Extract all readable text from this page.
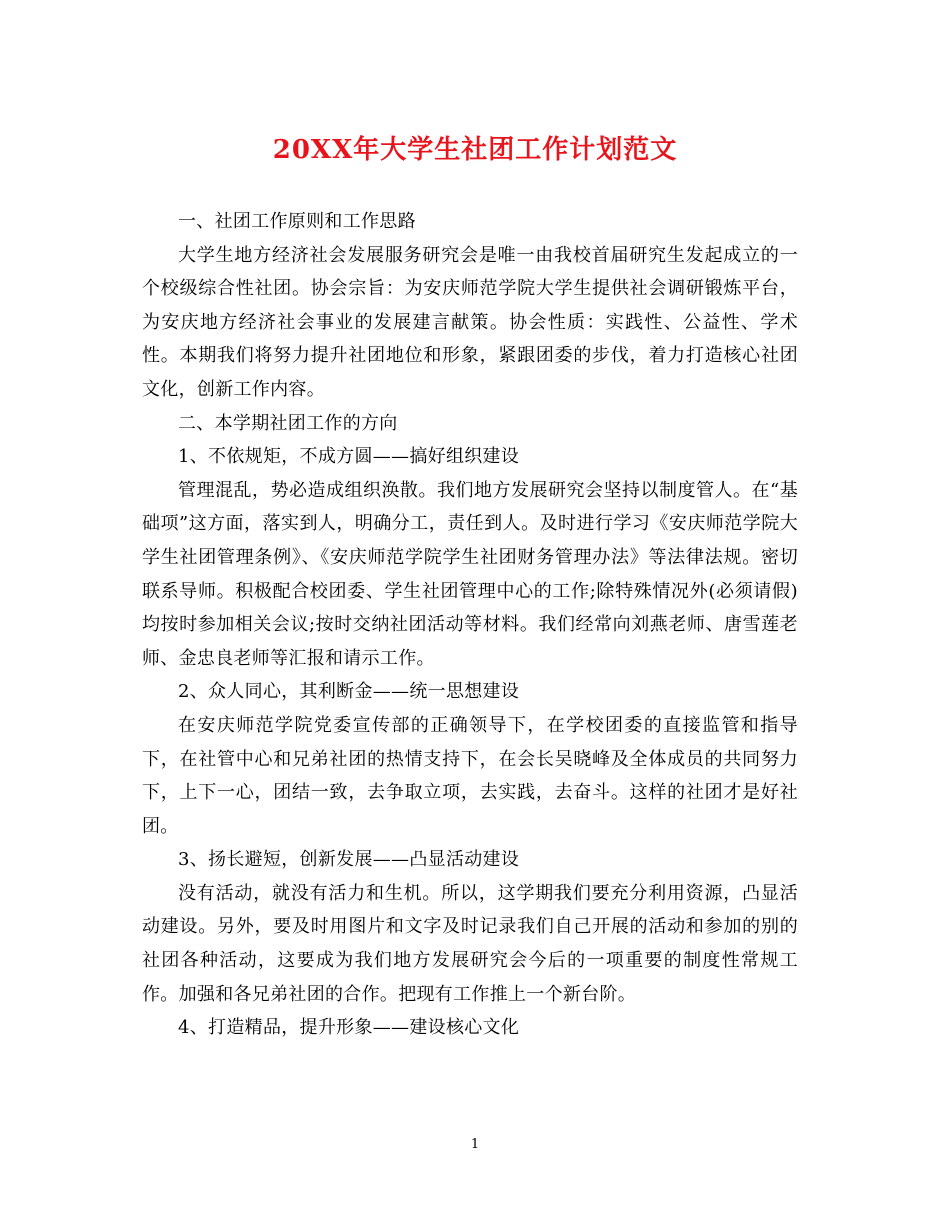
20XX年大学生社团工作计划范文

一、社团工作原则和工作思路

大学生地方经济社会发展服务研究会是唯一由我校首届研究生发起成立的一个校级综合性社团。协会宗旨：为安庆师范学院大学生提供社会调研锻炼平台，为安庆地方经济社会事业的发展建言献策。协会性质：实践性、公益性、学术性。本期我们将努力提升社团地位和形象，紧跟团委的步伐，着力打造核心社团文化，创新工作内容。

二、本学期社团工作的方向

1、不依规矩，不成方圆——搞好组织建设

管理混乱，势必造成组织涣散。我们地方发展研究会坚持以制度管人。在“基础项”这方面，落实到人，明确分工，责任到人。及时进行学习《安庆师范学院大学生社团管理条例》、《安庆师范学院学生社团财务管理办法》等法律法规。密切联系导师。积极配合校团委、学生社团管理中心的工作;除特殊情况外(必须请假)均按时参加相关会议;按时交纳社团活动等材料。我们经常向刘燕老师、唐雪莲老师、金忠良老师等汇报和请示工作。

2、众人同心，其利断金——统一思想建设

在安庆师范学院党委宣传部的正确领导下，在学校团委的直接监管和指导下，在社管中心和兄弟社团的热情支持下，在会长吴晓峰及全体成员的共同努力下，上下一心，团结一致，去争取立项，去实践，去奋斗。这样的社团才是好社团。

3、扬长避短，创新发展——凸显活动建设

没有活动，就没有活力和生机。所以，这学期我们要充分利用资源，凸显活动建设。另外，要及时用图片和文字及时记录我们自己开展的活动和参加的别的社团各种活动，这要成为我们地方发展研究会今后的一项重要的制度性常规工作。加强和各兄弟社团的合作。把现有工作推上一个新台阶。

4、打造精品，提升形象——建设核心文化

1
